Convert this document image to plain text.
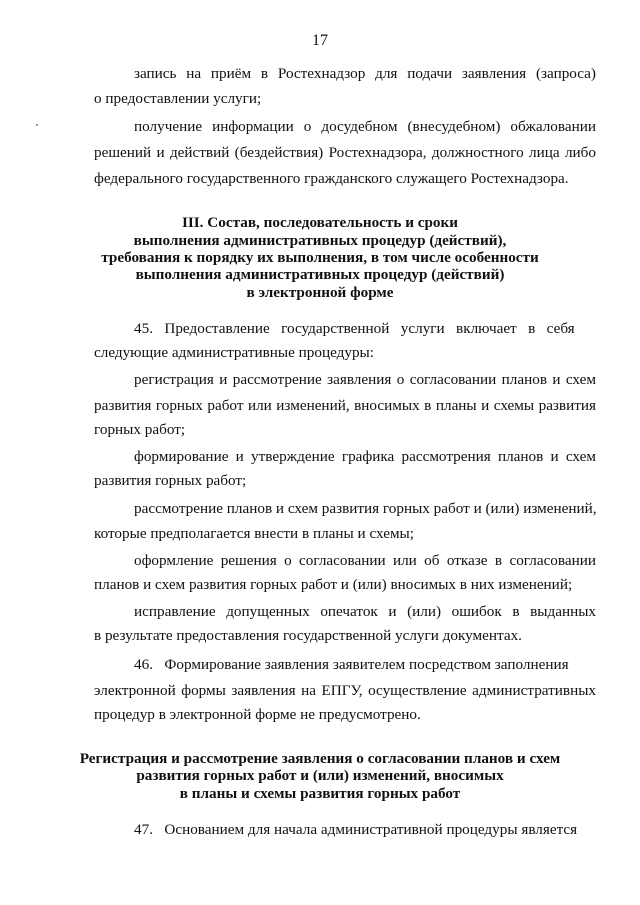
17
запись на приём в Ростехнадзор для подачи заявления (запроса)
о предоставлении услуги;
получение информации о досудебном (внесудебном) обжаловании
решений и действий (бездействия) Ростехнадзора, должностного лица либо
федерального государственного гражданского служащего Ростехнадзора.
III. Состав, последовательность и сроки
выполнения административных процедур (действий),
требования к порядку их выполнения, в том числе особенности
выполнения административных процедур (действий)
в электронной форме
45.   Предоставление   государственной   услуги   включает   в   себя
следующие административные процедуры:
регистрация и рассмотрение заявления о согласовании планов и схем
развития горных работ или изменений, вносимых в планы и схемы развития
горных работ;
формирование и утверждение графика рассмотрения планов и схем
развития горных работ;
рассмотрение планов и схем развития горных работ и (или) изменений,
которые предполагается внести в планы и схемы;
оформление решения о согласовании или об отказе в согласовании
планов и схем развития горных работ и (или) вносимых в них изменений;
исправление допущенных опечаток и (или) ошибок в выданных
в результате предоставления государственной услуги документах.
46.   Формирование заявления заявителем посредством заполнения
электронной формы заявления на ЕПГУ, осуществление административных
процедур в электронной форме не предусмотрено.
Регистрация и рассмотрение заявления о согласовании планов и схем
развития горных работ и (или) изменений, вносимых
в планы и схемы развития горных работ
47.   Основанием для начала административной процедуры является
